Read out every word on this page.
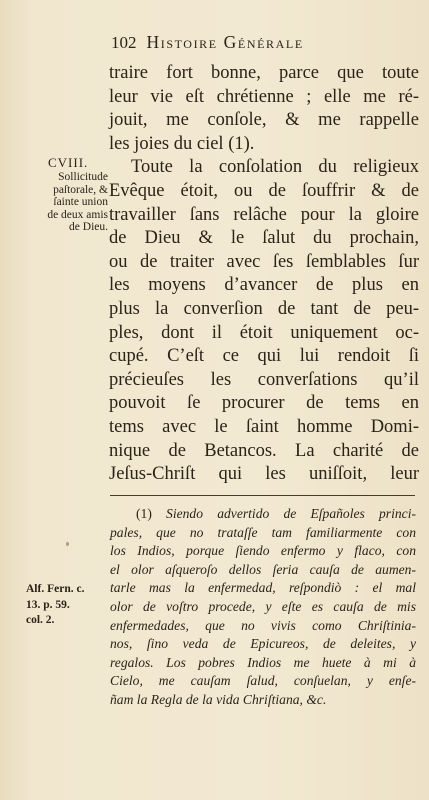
102 Histoire Générale
traire fort bonne, parce que toute
leur vie eſt chrétienne ; elle me ré-
jouit, me conſole, & me rappelle
les joies du ciel (1).
Toute la conſolation du religieux
Evêque étoit, ou de ſouffrir & de
travailler ſans relâche pour la gloire
de Dieu & le ſalut du prochain,
ou de traiter avec ſes ſemblables ſur
les moyens d’avancer de plus en
plus la converſion de tant de peu-
ples, dont il étoit uniquement oc-
cupé. C’eſt ce qui lui rendoit ſi
précieuſes les converſations qu’il
pouvoit ſe procurer de tems en
tems avec le ſaint homme Domi-
nique de Betancos. La charité de
Jeſus-Chriſt qui les uniſſoit, leur
CVIII.
Sollicitude
paſtorale, &
ſainte union
de deux amis
de Dieu.
(1) Siendo advertido de Eſpañoles princi-
pales, que no trataſſe tam familiarmente con
los Indios, porque ſiendo enfermo y flaco, con
el olor aſqueroſo dellos ſeria cauſa de aumen-
tarle mas la enfermedad, reſpondiò : el mal
olor de voſtro procede, y eſte es cauſa de mis
enfermedades, que no vivis como Chriſtinia-
nos, ſino veda de Epicureos, de deleites, y
regalos. Los pobres Indios me huete à mi à
Cielo, me cauſam ſalud, conſuelan, y enſe-
ñam la Regla de la vida Chriſtiana, &c.
Alf. Fern. c.
13. p. 59.
col. 2.
